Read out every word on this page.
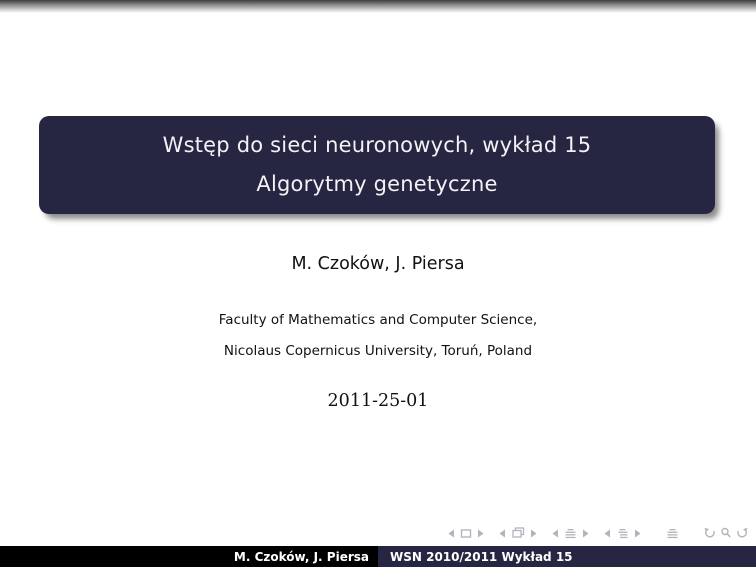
Wstęp do sieci neuronowych, wykład 15
Algorytmy genetyczne
M. Czoków, J. Piersa
Faculty of Mathematics and Computer Science,
Nicolaus Copernicus University, Toruń, Poland
2011-25-01
M. Czoków, J. Piersa	WSN 2010/2011 Wykład 15
